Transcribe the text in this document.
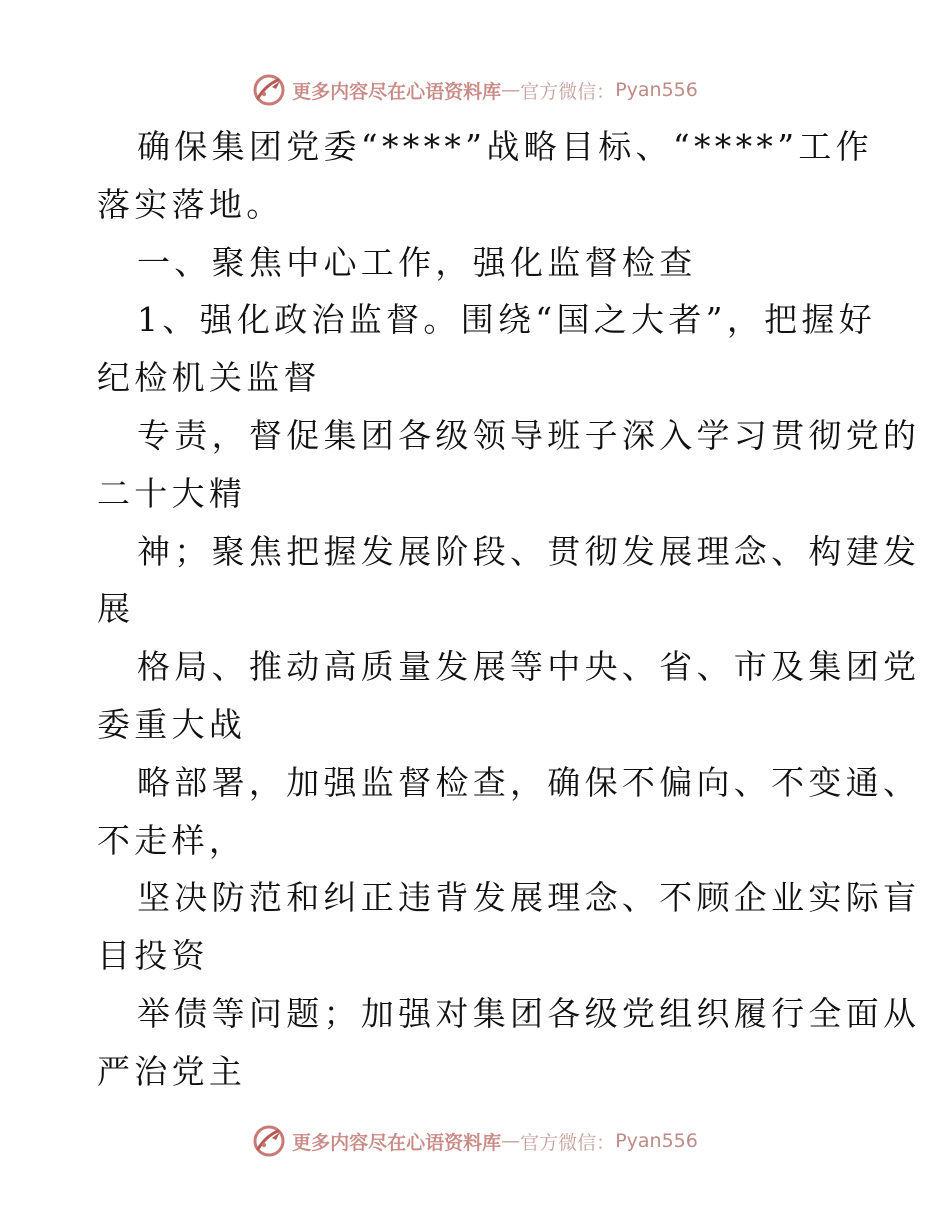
更多内容尽在心语资料库 — 官方微信： Pyan556
确保集团党委“****”战略目标、“****”工作
落实落地。
一、聚焦中心工作，强化监督检查
1、强化政治监督。围绕“国之大者”，把握好
纪检机关监督
专责，督促集团各级领导班子深入学习贯彻党的
二十大精
神；聚焦把握发展阶段、贯彻发展理念、构建发
展
格局、推动高质量发展等中央、省、市及集团党
委重大战
略部署，加强监督检查，确保不偏向、不变通、
不走样，
坚决防范和纠正违背发展理念、不顾企业实际盲
目投资
举债等问题；加强对集团各级党组织履行全面从
严治党主
更多内容尽在心语资料库 — 官方微信： Pyan556
